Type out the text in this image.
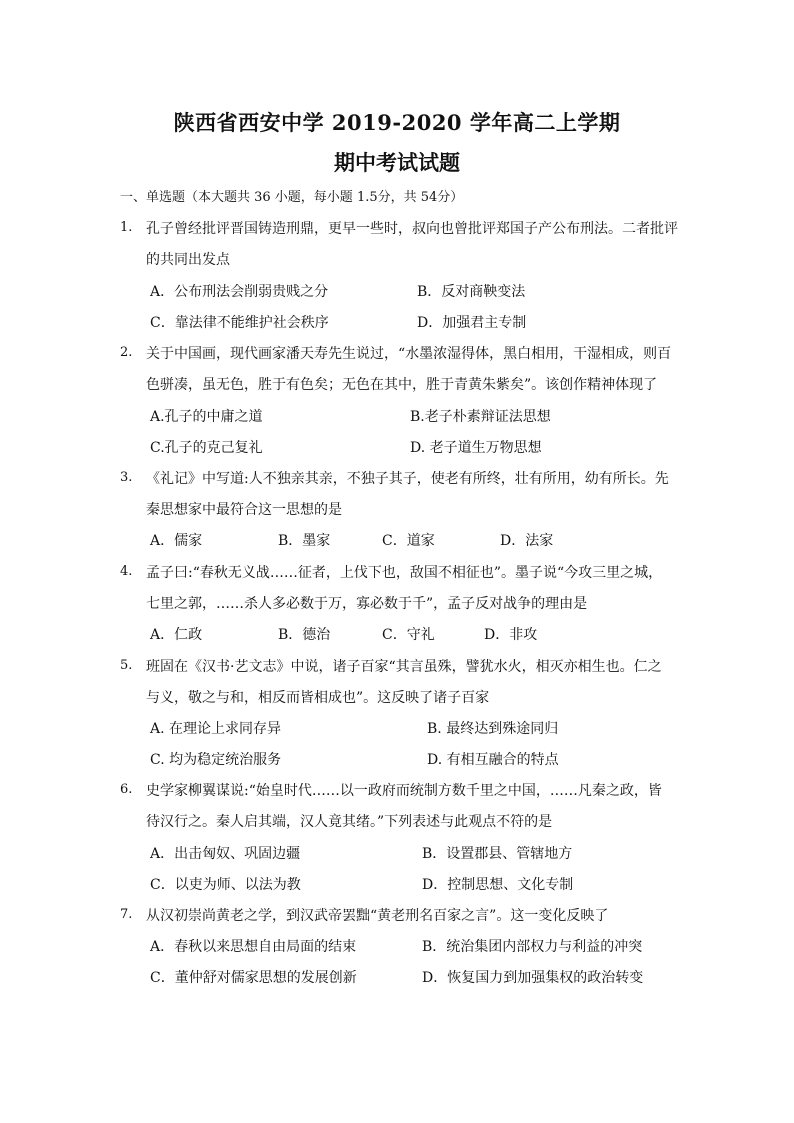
陕西省西安中学 2019-2020 学年高二上学期
期中考试试题
一、单选题（本大题共 36 小题，每小题 1.5分，共 54分）
1. 孔子曾经批评晋国铸造刑鼎，更早一些时，叔向也曾批评郑国子产公布刑法。二者批评
的共同出发点
A．公布刑法会削弱贵贱之分	B．反对商鞅变法
C．靠法律不能维护社会秩序	D．加强君主专制
2. 关于中国画，现代画家潘天寿先生说过，“水墨浓湿得体，黑白相用，干湿相成，则百
色骈凑，虽无色，胜于有色矣；无色在其中，胜于青黄朱紫矣”。该创作精神体现了
A.孔子的中庸之道	B.老子朴素辩证法思想
C.孔子的克己复礼	D. 老子道生万物思想
3. 《礼记》中写道:人不独亲其亲，不独子其子，使老有所终，壮有所用，幼有所长。先
秦思想家中最符合这一思想的是
A．儒家	B．墨家	C．道家	D．法家
4. 孟子曰:“春秋无义战……征者，上伐下也，敌国不相征也”。墨子说“今攻三里之城，
七里之郭，……杀人多必数于万，寡必数于千”，孟子反对战争的理由是
A．仁政	B．德治	C．守礼	D．非攻
5. 班固在《汉书·艺文志》中说，诸子百家“其言虽殊，譬犹水火，相灭亦相生也。仁之
与义，敬之与和，相反而皆相成也”。这反映了诸子百家
A. 在理论上求同存异	B. 最终达到殊途同归
C. 均为稳定统治服务	D. 有相互融合的特点
6. 史学家柳翼谋说:“始皇时代……以一政府而统制方数千里之中国，……凡秦之政，皆
待汉行之。秦人启其端，汉人竟其绪。”下列表述与此观点不符的是
A．出击匈奴、巩固边疆	B．设置郡县、管辖地方
C．以吏为师、以法为教	D．控制思想、文化专制
7. 从汉初崇尚黄老之学，到汉武帝罢黜“黄老刑名百家之言”。这一变化反映了
A．春秋以来思想自由局面的结束	B．统治集团内部权力与利益的冲突
C．董仲舒对儒家思想的发展创新	D．恢复国力到加强集权的政治转变
